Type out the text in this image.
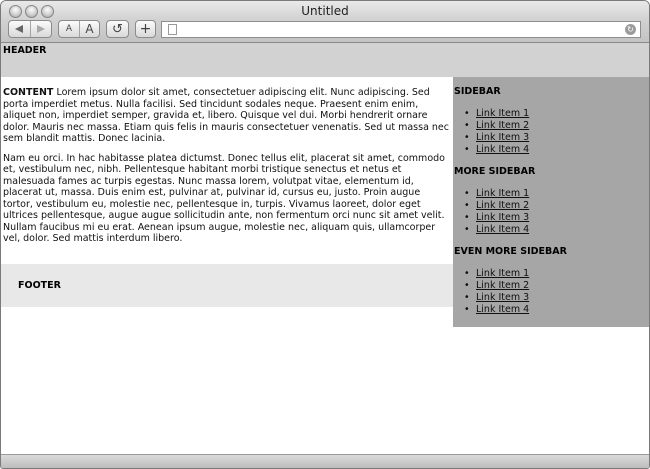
Untitled
A	A	↺	+	↻
HEADER

CONTENT Lorem ipsum dolor sit amet, consectetuer adipiscing elit. Nunc adipiscing. Sed porta imperdiet metus. Nulla facilisi. Sed tincidunt sodales neque. Praesent enim enim, aliquet non, imperdiet semper, gravida et, libero. Quisque vel dui. Morbi hendrerit ornare dolor. Mauris nec massa. Etiam quis felis in mauris consectetuer venenatis. Sed ut massa nec sem blandit mattis. Donec lacinia.

Nam eu orci. In hac habitasse platea dictumst. Donec tellus elit, placerat sit amet, commodo et, vestibulum nec, nibh. Pellentesque habitant morbi tristique senectus et netus et malesuada fames ac turpis egestas. Nunc massa lorem, volutpat vitae, elementum id, placerat ut, massa. Duis enim est, pulvinar at, pulvinar id, cursus eu, justo. Proin augue tortor, vestibulum eu, molestie nec, pellentesque in, turpis. Vivamus laoreet, dolor eget ultrices pellentesque, augue augue sollicitudin ante, non fermentum orci nunc sit amet velit. Nullam faucibus mi eu erat. Aenean ipsum augue, molestie nec, aliquam quis, ullamcorper vel, dolor. Sed mattis interdum libero.

FOOTER
SIDEBAR
• Link Item 1
• Link Item 2
• Link Item 3
• Link Item 4
MORE SIDEBAR
• Link Item 1
• Link Item 2
• Link Item 3
• Link Item 4
EVEN MORE SIDEBAR
• Link Item 1
• Link Item 2
• Link Item 3
• Link Item 4
